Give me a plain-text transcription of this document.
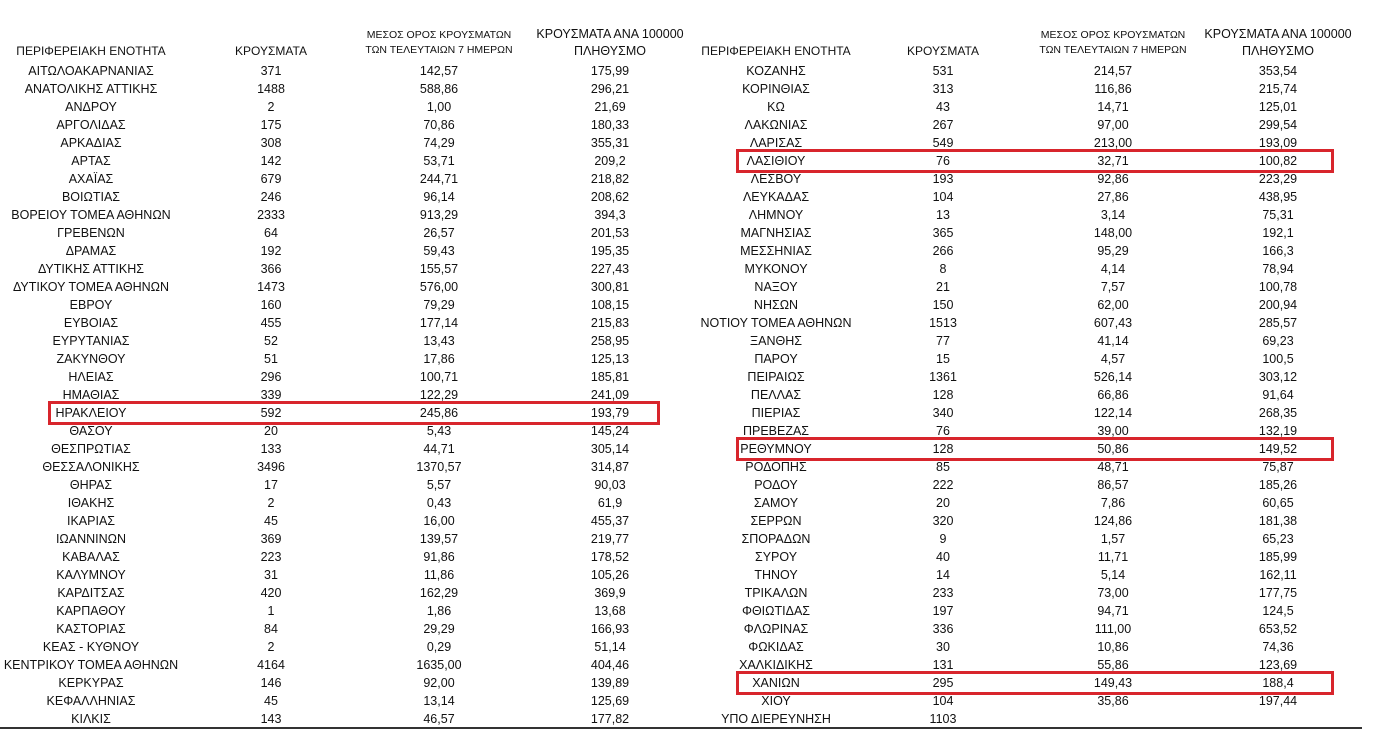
ΠΕΡΙΦΕΡΕΙΑΚΗ ΕΝΟΤΗΤΑ	ΚΡΟΥΣΜΑΤΑ
ΜΕΣΟΣ ΟΡΟΣ ΚΡΟΥΣΜΑΤΩΝ
ΤΩΝ ΤΕΛΕΥΤΑΙΩΝ 7 ΗΜΕΡΩΝ
ΚΡΟΥΣΜΑΤΑ ΑΝΑ 100000
ΠΛΗΘΥΣΜΟ
ΑΙΤΩΛΟΑΚΑΡΝΑΝΙΑΣ	371	142,57	175,99
ΑΝΑΤΟΛΙΚΗΣ ΑΤΤΙΚΗΣ	1488	588,86	296,21
ΑΝΔΡΟΥ	2	1,00	21,69
ΑΡΓΟΛΙΔΑΣ	175	70,86	180,33
ΑΡΚΑΔΙΑΣ	308	74,29	355,31
ΑΡΤΑΣ	142	53,71	209,2
ΑΧΑΪΑΣ	679	244,71	218,82
ΒΟΙΩΤΙΑΣ	246	96,14	208,62
ΒΟΡΕΙΟΥ ΤΟΜΕΑ ΑΘΗΝΩΝ	2333	913,29	394,3
ΓΡΕΒΕΝΩΝ	64	26,57	201,53
ΔΡΑΜΑΣ	192	59,43	195,35
ΔΥΤΙΚΗΣ ΑΤΤΙΚΗΣ	366	155,57	227,43
ΔΥΤΙΚΟΥ ΤΟΜΕΑ ΑΘΗΝΩΝ	1473	576,00	300,81
ΕΒΡΟΥ	160	79,29	108,15
ΕΥΒΟΙΑΣ	455	177,14	215,83
ΕΥΡΥΤΑΝΙΑΣ	52	13,43	258,95
ΖΑΚΥΝΘΟΥ	51	17,86	125,13
ΗΛΕΙΑΣ	296	100,71	185,81
ΗΜΑΘΙΑΣ	339	122,29	241,09
ΗΡΑΚΛΕΙΟΥ	592	245,86	193,79
ΘΑΣΟΥ	20	5,43	145,24
ΘΕΣΠΡΩΤΙΑΣ	133	44,71	305,14
ΘΕΣΣΑΛΟΝΙΚΗΣ	3496	1370,57	314,87
ΘΗΡΑΣ	17	5,57	90,03
ΙΘΑΚΗΣ	2	0,43	61,9
ΙΚΑΡΙΑΣ	45	16,00	455,37
ΙΩΑΝΝΙΝΩΝ	369	139,57	219,77
ΚΑΒΑΛΑΣ	223	91,86	178,52
ΚΑΛΥΜΝΟΥ	31	11,86	105,26
ΚΑΡΔΙΤΣΑΣ	420	162,29	369,9
ΚΑΡΠΑΘΟΥ	1	1,86	13,68
ΚΑΣΤΟΡΙΑΣ	84	29,29	166,93
ΚΕΑΣ - ΚΥΘΝΟΥ	2	0,29	51,14
ΚΕΝΤΡΙΚΟΥ ΤΟΜΕΑ ΑΘΗΝΩΝ	4164	1635,00	404,46
ΚΕΡΚΥΡΑΣ	146	92,00	139,89
ΚΕΦΑΛΛΗΝΙΑΣ	45	13,14	125,69
ΚΙΛΚΙΣ	143	46,57	177,82
ΠΕΡΙΦΕΡΕΙΑΚΗ ΕΝΟΤΗΤΑ	ΚΡΟΥΣΜΑΤΑ
ΜΕΣΟΣ ΟΡΟΣ ΚΡΟΥΣΜΑΤΩΝ
ΤΩΝ ΤΕΛΕΥΤΑΙΩΝ 7 ΗΜΕΡΩΝ
ΚΡΟΥΣΜΑΤΑ ΑΝΑ 100000
ΠΛΗΘΥΣΜΟ
ΚΟΖΑΝΗΣ	531	214,57	353,54
ΚΟΡΙΝΘΙΑΣ	313	116,86	215,74
ΚΩ	43	14,71	125,01
ΛΑΚΩΝΙΑΣ	267	97,00	299,54
ΛΑΡΙΣΑΣ	549	213,00	193,09
ΛΑΣΙΘΙΟΥ	76	32,71	100,82
ΛΕΣΒΟΥ	193	92,86	223,29
ΛΕΥΚΑΔΑΣ	104	27,86	438,95
ΛΗΜΝΟΥ	13	3,14	75,31
ΜΑΓΝΗΣΙΑΣ	365	148,00	192,1
ΜΕΣΣΗΝΙΑΣ	266	95,29	166,3
ΜΥΚΟΝΟΥ	8	4,14	78,94
ΝΑΞΟΥ	21	7,57	100,78
ΝΗΣΩΝ	150	62,00	200,94
ΝΟΤΙΟΥ ΤΟΜΕΑ ΑΘΗΝΩΝ	1513	607,43	285,57
ΞΑΝΘΗΣ	77	41,14	69,23
ΠΑΡΟΥ	15	4,57	100,5
ΠΕΙΡΑΙΩΣ	1361	526,14	303,12
ΠΕΛΛΑΣ	128	66,86	91,64
ΠΙΕΡΙΑΣ	340	122,14	268,35
ΠΡΕΒΕΖΑΣ	76	39,00	132,19
ΡΕΘΥΜΝΟΥ	128	50,86	149,52
ΡΟΔΟΠΗΣ	85	48,71	75,87
ΡΟΔΟΥ	222	86,57	185,26
ΣΑΜΟΥ	20	7,86	60,65
ΣΕΡΡΩΝ	320	124,86	181,38
ΣΠΟΡΑΔΩΝ	9	1,57	65,23
ΣΥΡΟΥ	40	11,71	185,99
ΤΗΝΟΥ	14	5,14	162,11
ΤΡΙΚΑΛΩΝ	233	73,00	177,75
ΦΘΙΩΤΙΔΑΣ	197	94,71	124,5
ΦΛΩΡΙΝΑΣ	336	111,00	653,52
ΦΩΚΙΔΑΣ	30	10,86	74,36
ΧΑΛΚΙΔΙΚΗΣ	131	55,86	123,69
ΧΑΝΙΩΝ	295	149,43	188,4
ΧΙΟΥ	104	35,86	197,44
ΥΠΟ ΔΙΕΡΕΥΝΗΣΗ	1103
